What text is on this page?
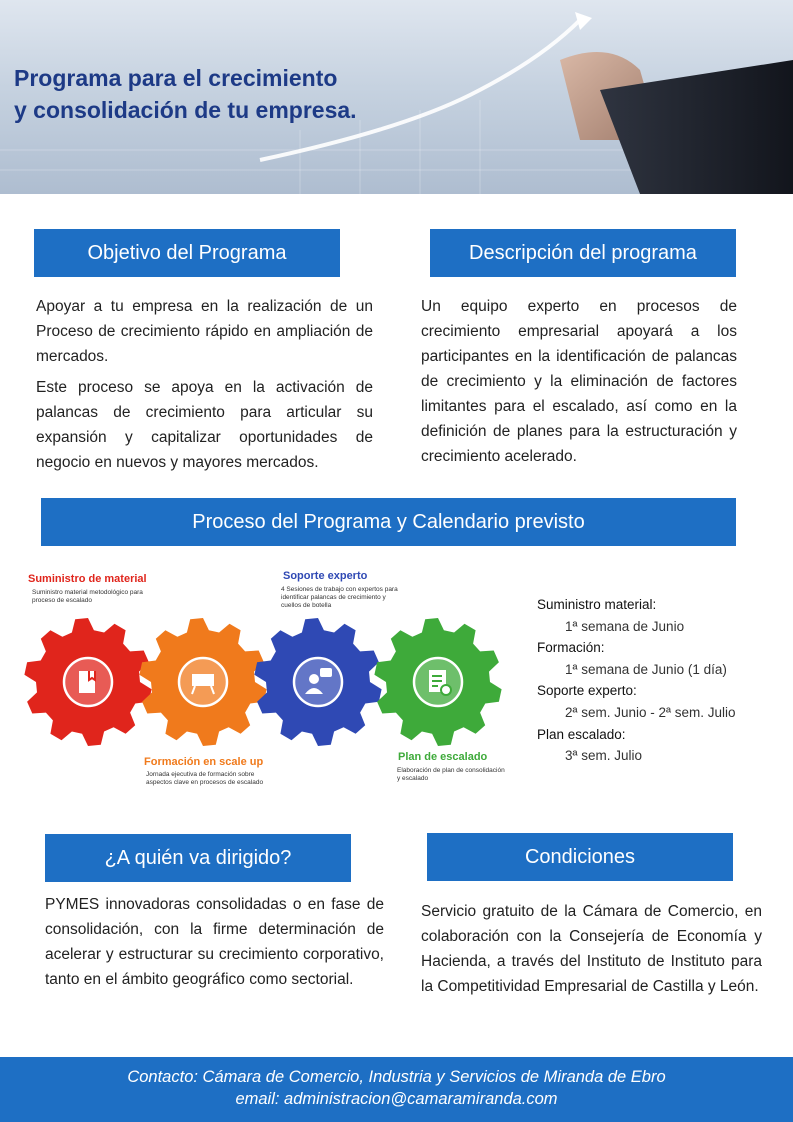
Programa para el crecimiento
y consolidación de tu empresa.
Objetivo del Programa

Apoyar a tu empresa en la realización de un Proceso de crecimiento rápido en ampliación de mercados.

Este proceso se apoya en la activación de palancas de crecimiento para articular su expansión y capitalizar oportunidades de negocio en nuevos y mayores mercados.

Descripción del programa

Un equipo experto en procesos de crecimiento empresarial apoyará a los participantes en la identificación de palancas de crecimiento y la eliminación de factores limitantes para el escalado, así como en la definición de planes para la estructuración y crecimiento acelerado.

Proceso del Programa y Calendario previsto
Suministro de material
Suministro material metodológico para proceso de escalado
Soporte experto
4 Sesiones de trabajo con expertos para identificar palancas de crecimiento y cuellos de botella
Formación en scale up
Jornada ejecutiva de formación sobre aspectos clave en procesos de escalado
Plan de escalado
Elaboración de plan de consolidación y escalado
Suministro material:
1ª semana de Junio
Formación:
1ª semana de Junio (1 día)
Soporte experto:
2ª sem. Junio - 2ª sem. Julio
Plan escalado:
3ª sem. Julio
¿A quién va dirigido?

PYMES innovadoras consolidadas o en fase de consolidación, con la firme determinación de acelerar y estructurar su crecimiento corporativo, tanto en el ámbito geográfico como sectorial.

Condiciones

Servicio gratuito de la Cámara de Comercio, en colaboración con la Consejería de Economía y Hacienda, a través del Instituto de Instituto para la Competitividad Empresarial de Castilla y León.

Contacto: Cámara de Comercio, Industria y Servicios de Miranda de Ebro
email: administracion@camaramiranda.com
